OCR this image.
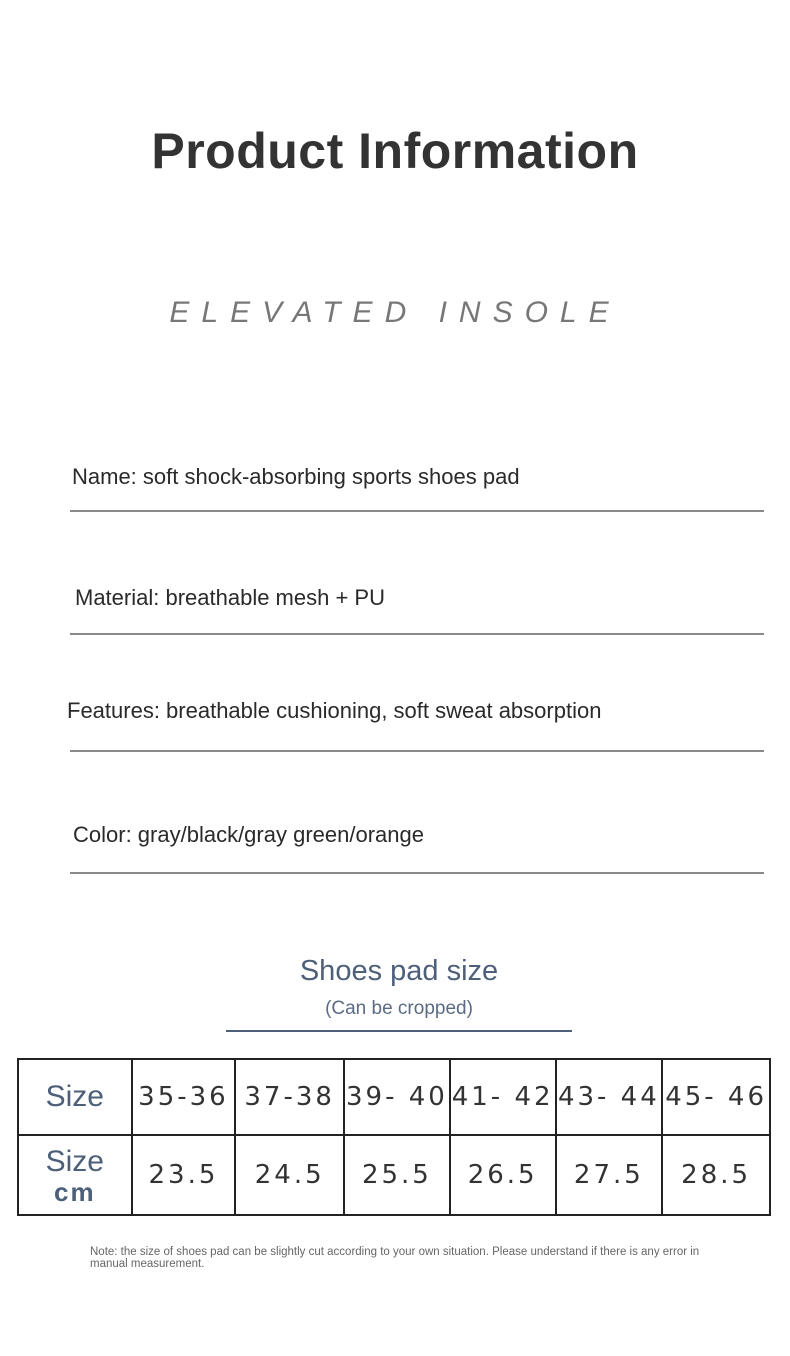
Product Information
ELEVATED INSOLE
Name: soft shock-absorbing sports shoes pad
Material: breathable mesh + PU
Features: breathable cushioning, soft sweat absorption
Color: gray/black/gray green/orange
Shoes pad size
(Can be cropped)
Size	35-36	37-38	39- 40	41- 42	43- 44	45- 46

Size
cm	23.5	24.5	25.5	26.5	27.5	28.5
Note: the size of shoes pad can be slightly cut according to your own situation. Please understand if there is any error in manual measurement.
